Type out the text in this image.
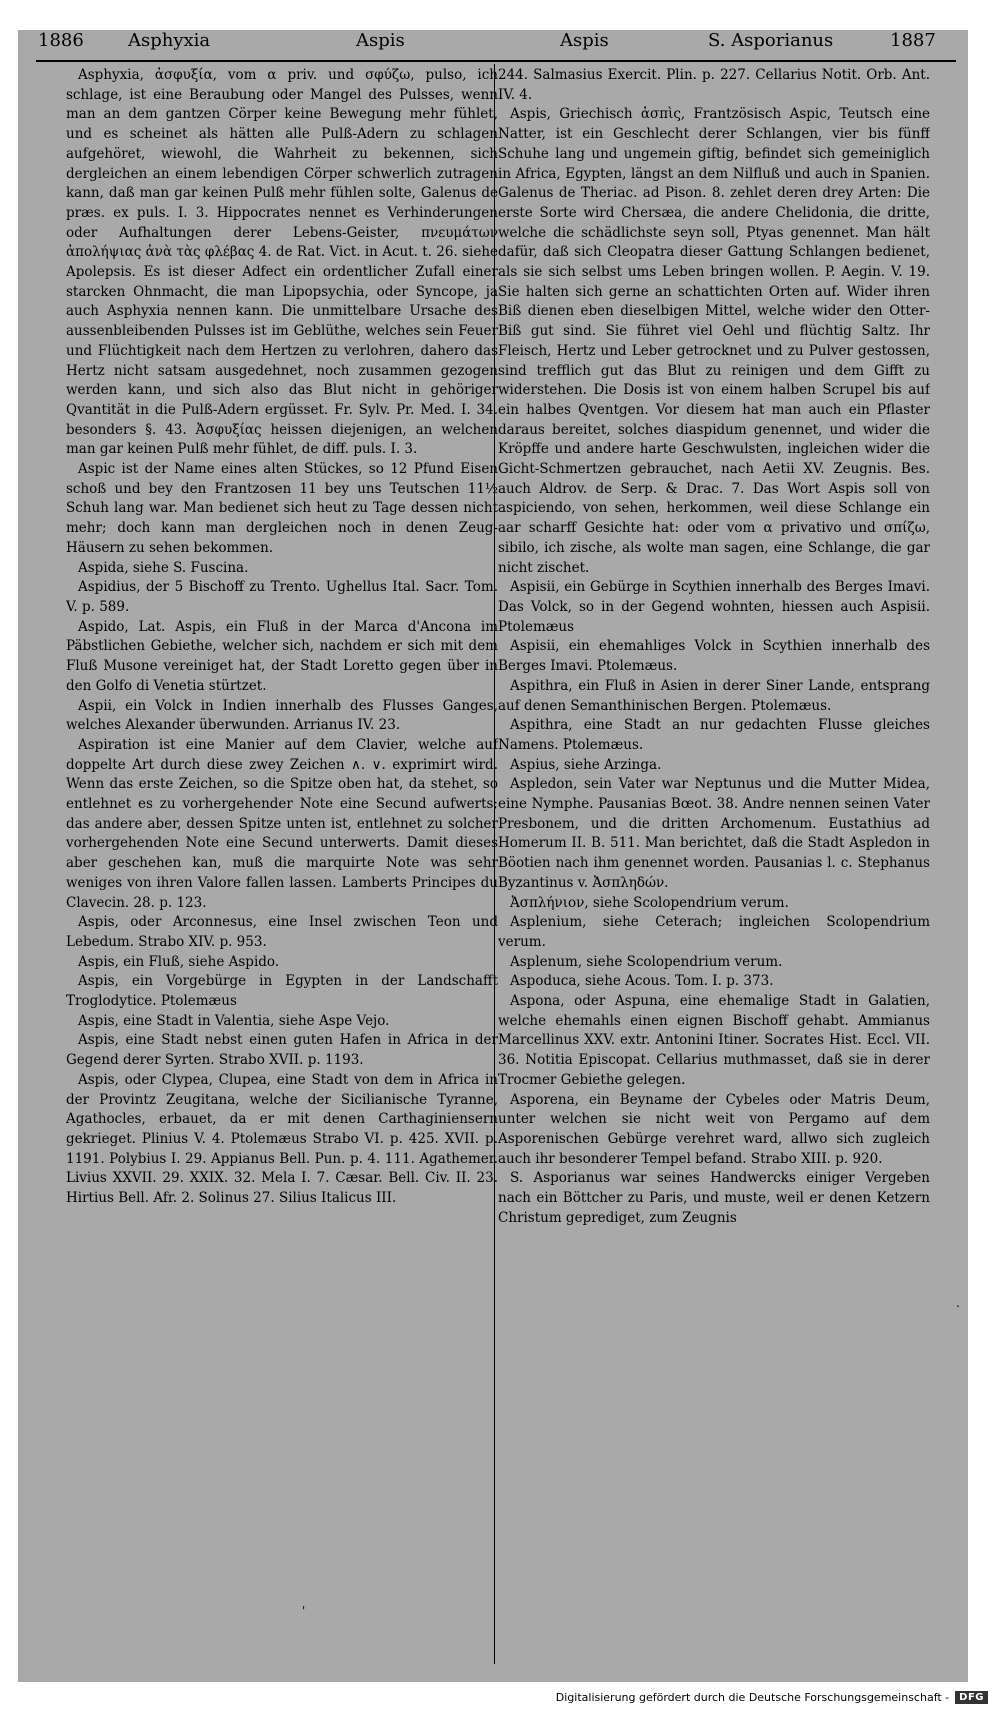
1886 Asphyxia	Aspis	Aspis	S. Asporianus	1887

Asphyxia, ἀσφυξία, vom α priv. und σφύζω, pulso, ich schlage, ist eine Beraubung oder Mangel des Pulsses, wenn man an dem gantzen Cörper keine Bewegung mehr fühlet, und es scheinet als hätten alle Pulß-Adern zu schlagen aufgehöret, wiewohl, die Wahrheit zu bekennen, sich dergleichen an einem lebendigen Cörper schwerlich zutragen kann, daß man gar keinen Pulß mehr fühlen solte, Galenus de præs. ex puls. I. 3. Hippocrates nennet es Verhinderungen oder Aufhaltungen derer Lebens-Geister, πνευμάτων ἀπολήψιας ἀνὰ τὰς φλέβας 4. de Rat. Vict. in Acut. t. 26. siehe Apolepsis. Es ist dieser Adfect ein ordentlicher Zufall einer starcken Ohnmacht, die man Lipopsychia, oder Syncope, ja auch Asphyxia nennen kann. Die unmittelbare Ursache des aussenbleibenden Pulsses ist im Geblüthe, welches sein Feuer und Flüchtigkeit nach dem Hertzen zu verlohren, dahero das Hertz nicht satsam ausgedehnet, noch zusammen gezogen werden kann, und sich also das Blut nicht in gehöriger Qvantität in die Pulß-Adern ergüsset. Fr. Sylv. Pr. Med. I. 34. besonders §. 43. Ἀσφυξίας heissen diejenigen, an welchen man gar keinen Pulß mehr fühlet, de diff. puls. I. 3.

Aspic ist der Name eines alten Stückes, so 12 Pfund Eisen schoß und bey den Frantzosen 11 bey uns Teutschen 11½ Schuh lang war. Man bedienet sich heut zu Tage dessen nicht mehr; doch kann man dergleichen noch in denen Zeug-Häusern zu sehen bekommen.

Aspida, siehe S. Fuscina.

Aspidius, der 5 Bischoff zu Trento. Ughellus Ital. Sacr. Tom. V. p. 589.

Aspido, Lat. Aspis, ein Fluß in der Marca d'Ancona im Päbstlichen Gebiethe, welcher sich, nachdem er sich mit dem Fluß Musone vereiniget hat, der Stadt Loretto gegen über in den Golfo di Venetia stürtzet.

Aspii, ein Volck in Indien innerhalb des Flusses Ganges, welches Alexander überwunden. Arrianus IV. 23.

Aspiration ist eine Manier auf dem Clavier, welche auf doppelte Art durch diese zwey Zeichen ∧. ∨. exprimirt wird. Wenn das erste Zeichen, so die Spitze oben hat, da stehet, so entlehnet es zu vorhergehender Note eine Secund aufwerts; das andere aber, dessen Spitze unten ist, entlehnet zu solcher vorhergehenden Note eine Secund unterwerts. Damit dieses aber geschehen kan, muß die marquirte Note was sehr weniges von ihren Valore fallen lassen. Lamberts Principes du Clavecin. 28. p. 123.

Aspis, oder Arconnesus, eine Insel zwischen Teon und Lebedum. Strabo XIV. p. 953.

Aspis, ein Fluß, siehe Aspido.

Aspis, ein Vorgebürge in Egypten in der Landschafft Troglodytice. Ptolemæus

Aspis, eine Stadt in Valentia, siehe Aspe Vejo.

Aspis, eine Stadt nebst einen guten Hafen in Africa in der Gegend derer Syrten. Strabo XVII. p. 1193.

Aspis, oder Clypea, Clupea, eine Stadt von dem in Africa in der Provintz Zeugitana, welche der Sicilianische Tyranne, Agathocles, erbauet, da er mit denen Carthaginiensern gekrieget. Plinius V. 4. Ptolemæus Strabo VI. p. 425. XVII. p. 1191. Polybius I. 29. Appianus Bell. Pun. p. 4. 111. Agathemer. Livius XXVII. 29. XXIX. 32. Mela I. 7. Cæsar. Bell. Civ. II. 23. Hirtius Bell. Afr. 2. Solinus 27. Silius Italicus III.

244. Salmasius Exercit. Plin. p. 227. Cellarius Notit. Orb. Ant. IV. 4.

Aspis, Griechisch ἀσπὶς, Frantzösisch Aspic, Teutsch eine Natter, ist ein Geschlecht derer Schlangen, vier bis fünff Schuhe lang und ungemein giftig, befindet sich gemeiniglich in Africa, Egypten, längst an dem Nilfluß und auch in Spanien. Galenus de Theriac. ad Pison. 8. zehlet deren drey Arten: Die erste Sorte wird Chersæa, die andere Chelidonia, die dritte, welche die schädlichste seyn soll, Ptyas genennet. Man hält dafür, daß sich Cleopatra dieser Gattung Schlangen bedienet, als sie sich selbst ums Leben bringen wollen. P. Aegin. V. 19. Sie halten sich gerne an schattichten Orten auf. Wider ihren Biß dienen eben dieselbigen Mittel, welche wider den Otter-Biß gut sind. Sie führet viel Oehl und flüchtig Saltz. Ihr Fleisch, Hertz und Leber getrocknet und zu Pulver gestossen, sind trefflich gut das Blut zu reinigen und dem Gifft zu widerstehen. Die Dosis ist von einem halben Scrupel bis auf ein halbes Qventgen. Vor diesem hat man auch ein Pflaster daraus bereitet, solches diaspidum genennet, und wider die Kröpffe und andere harte Geschwulsten, ingleichen wider die Gicht-Schmertzen gebrauchet, nach Aetii XV. Zeugnis. Bes. auch Aldrov. de Serp. & Drac. 7. Das Wort Aspis soll von aspiciendo, von sehen, herkommen, weil diese Schlange ein aar scharff Gesichte hat: oder vom α privativo und σπίζω, sibilo, ich zische, als wolte man sagen, eine Schlange, die gar nicht zischet.

Aspisii, ein Gebürge in Scythien innerhalb des Berges Imavi. Das Volck, so in der Gegend wohnten, hiessen auch Aspisii. Ptolemæus

Aspisii, ein ehemahliges Volck in Scythien innerhalb des Berges Imavi. Ptolemæus.

Aspithra, ein Fluß in Asien in derer Siner Lande, entsprang auf denen Semanthinischen Bergen. Ptolemæus.

Aspithra, eine Stadt an nur gedachten Flusse gleiches Namens. Ptolemæus.

Aspius, siehe Arzinga.

Aspledon, sein Vater war Neptunus und die Mutter Midea, eine Nymphe. Pausanias Bœot. 38. Andre nennen seinen Vater Presbonem, und die dritten Archomenum. Eustathius ad Homerum II. B. 511. Man berichtet, daß die Stadt Aspledon in Böotien nach ihm genennet worden. Pausanias l. c. Stephanus Byzantinus v. Ἀσπληδών.

Ἀσπλήνιον, siehe Scolopendrium verum.

Asplenium, siehe Ceterach; ingleichen Scolopendrium verum.

Asplenum, siehe Scolopendrium verum.

Aspoduca, siehe Acous. Tom. I. p. 373.

Aspona, oder Aspuna, eine ehemalige Stadt in Galatien, welche ehemahls einen eignen Bischoff gehabt. Ammianus Marcellinus XXV. extr. Antonini Itiner. Socrates Hist. Eccl. VII. 36. Notitia Episcopat. Cellarius muthmasset, daß sie in derer Trocmer Gebiethe gelegen.

Asporena, ein Beyname der Cybeles oder Matris Deum, unter welchen sie nicht weit von Pergamo auf dem Asporenischen Gebürge verehret ward, allwo sich zugleich auch ihr besonderer Tempel befand. Strabo XIII. p. 920.

S. Asporianus war seines Handwercks einiger Vergeben nach ein Böttcher zu Paris, und muste, weil er denen Ketzern Christum geprediget, zum Zeugnis

'
.
Digitalisierung gefördert durch die Deutsche Forschungsgemeinschaft -	DFG
